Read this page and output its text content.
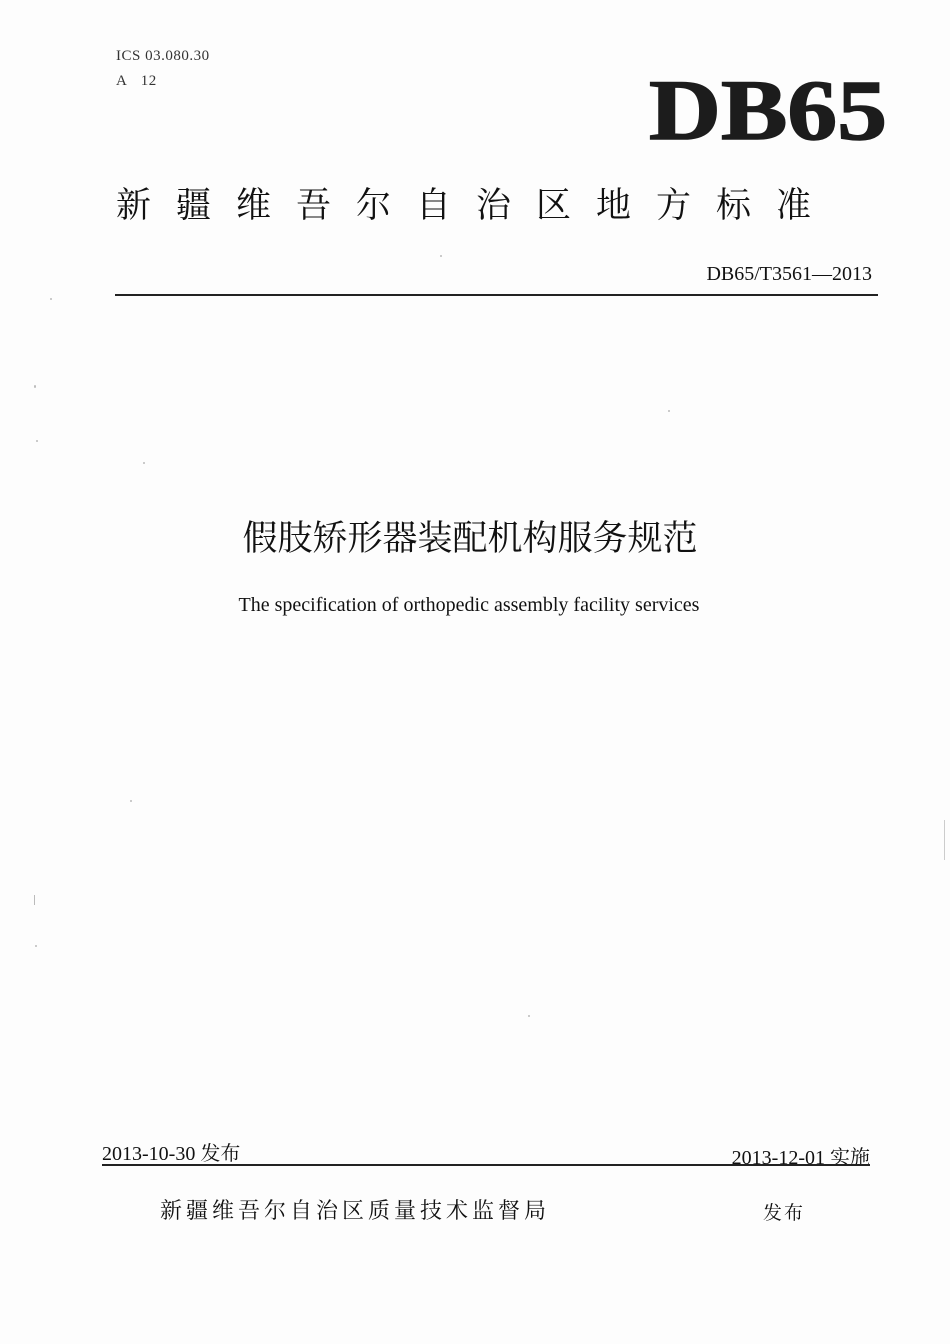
ICS 03.080.30
A 12	DB65
新疆维吾尔自治区地方标准
DB65/T3561—2013
假肢矫形器装配机构服务规范
The specification of orthopedic assembly facility services
2013-10-30 发布	2013-12-01 实施
新疆维吾尔自治区质量技术监督局	发布
